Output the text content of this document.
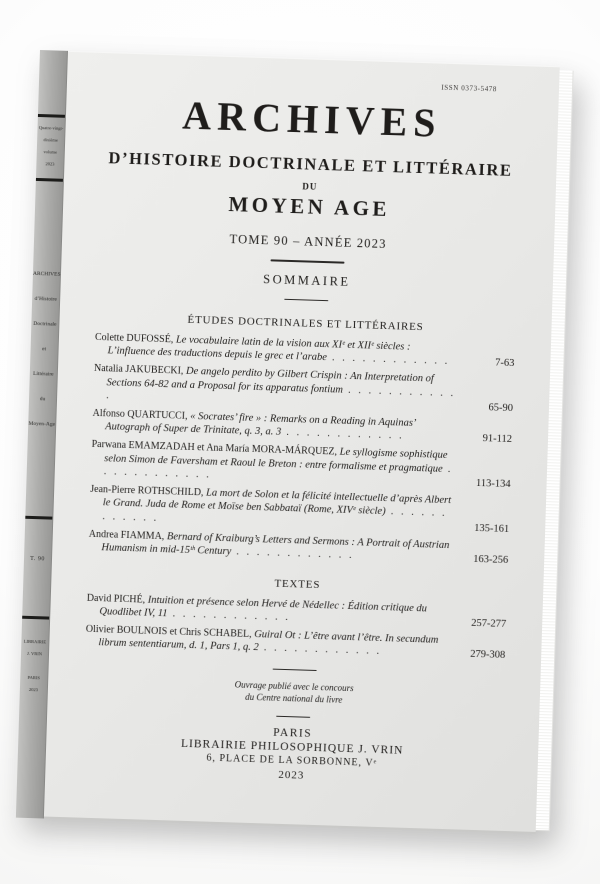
Quatre-vingt-
dixième
volume
2023
ARCHIVES
d’Histoire
Doctrinale
et
Littéraire
du
Moyen-Age
T. 90
LIBRAIRIE
J. VRIN
PARIS
2023
ISSN 0373-5478
ARCHIVES
D’HISTOIRE DOCTRINALE ET LITTÉRAIRE
DU
MOYEN AGE
TOME 90 – ANNÉE 2023
SOMMAIRE
ÉTUDES DOCTRINALES ET LITTÉRAIRES
Colette DUFOSSÉ, Le vocabulaire latin de la vision aux XIᵉ et XIIᵉ siècles : L’influence des traductions depuis le grec et l’arabe . . .
7-63
Natalia JAKUBECKI, De angelo perdito by Gilbert Crispin : An Interpretation of Sections 64-82 and a Proposal for its apparatus fontium . . .
65-90
Alfonso QUARTUCCI, « Socrates’ fire » : Remarks on a Reading in Aquinas’ Autograph of Super de Trinitate, q. 3, a. 3 . . .
91-112
Parwana EMAMZADAH et Ana María MORA-MÁRQUEZ, Le syllogisme sophistique selon Simon de Faversham et Raoul le Breton : entre formalisme et pragmatique . . .
113-134
Jean-Pierre ROTHSCHILD, La mort de Solon et la félicité intellectuelle d’après Albert le Grand. Juda de Rome et Moïse ben Sabbataï (Rome, XIVᵉ siècle) . . .
135-161
Andrea FIAMMA, Bernard of Kraiburg’s Letters and Sermons : A Portrait of Austrian Humanism in mid-15ᵗʰ Century . . .
163-256
TEXTES
David PICHÉ, Intuition et présence selon Hervé de Nédellec : Édition critique du Quodlibet IV, 11 . . .
257-277
Olivier BOULNOIS et Chris SCHABEL, Guiral Ot : L’être avant l’être. In secundum librum sententiarum, d. 1, Pars 1, q. 2 . . .
279-308
Ouvrage publié avec le concours
du Centre national du livre
PARIS
LIBRAIRIE PHILOSOPHIQUE J. VRIN
6, PLACE DE LA SORBONNE, Vᵉ
2023
